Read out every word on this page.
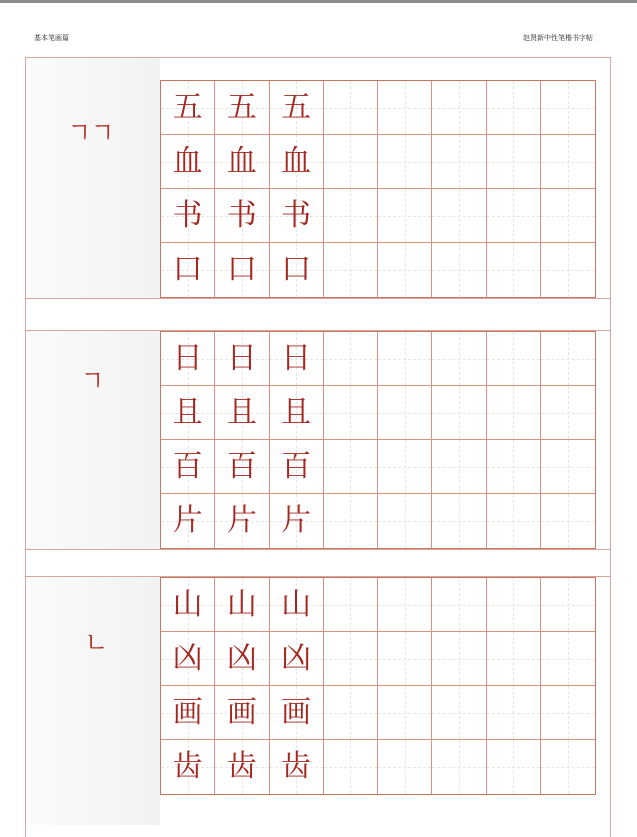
基本笔画篇	赵贤新中性笔楷书字帖
ㄱㄱ
五 五 五
血 血 血
书 书 书
口 口 口
ㄱ
日 日 日
且 且 且
百 百 百
片 片 片
ㄴ
山 山 山
凶 凶 凶
画 画 画
齿 齿 齿
